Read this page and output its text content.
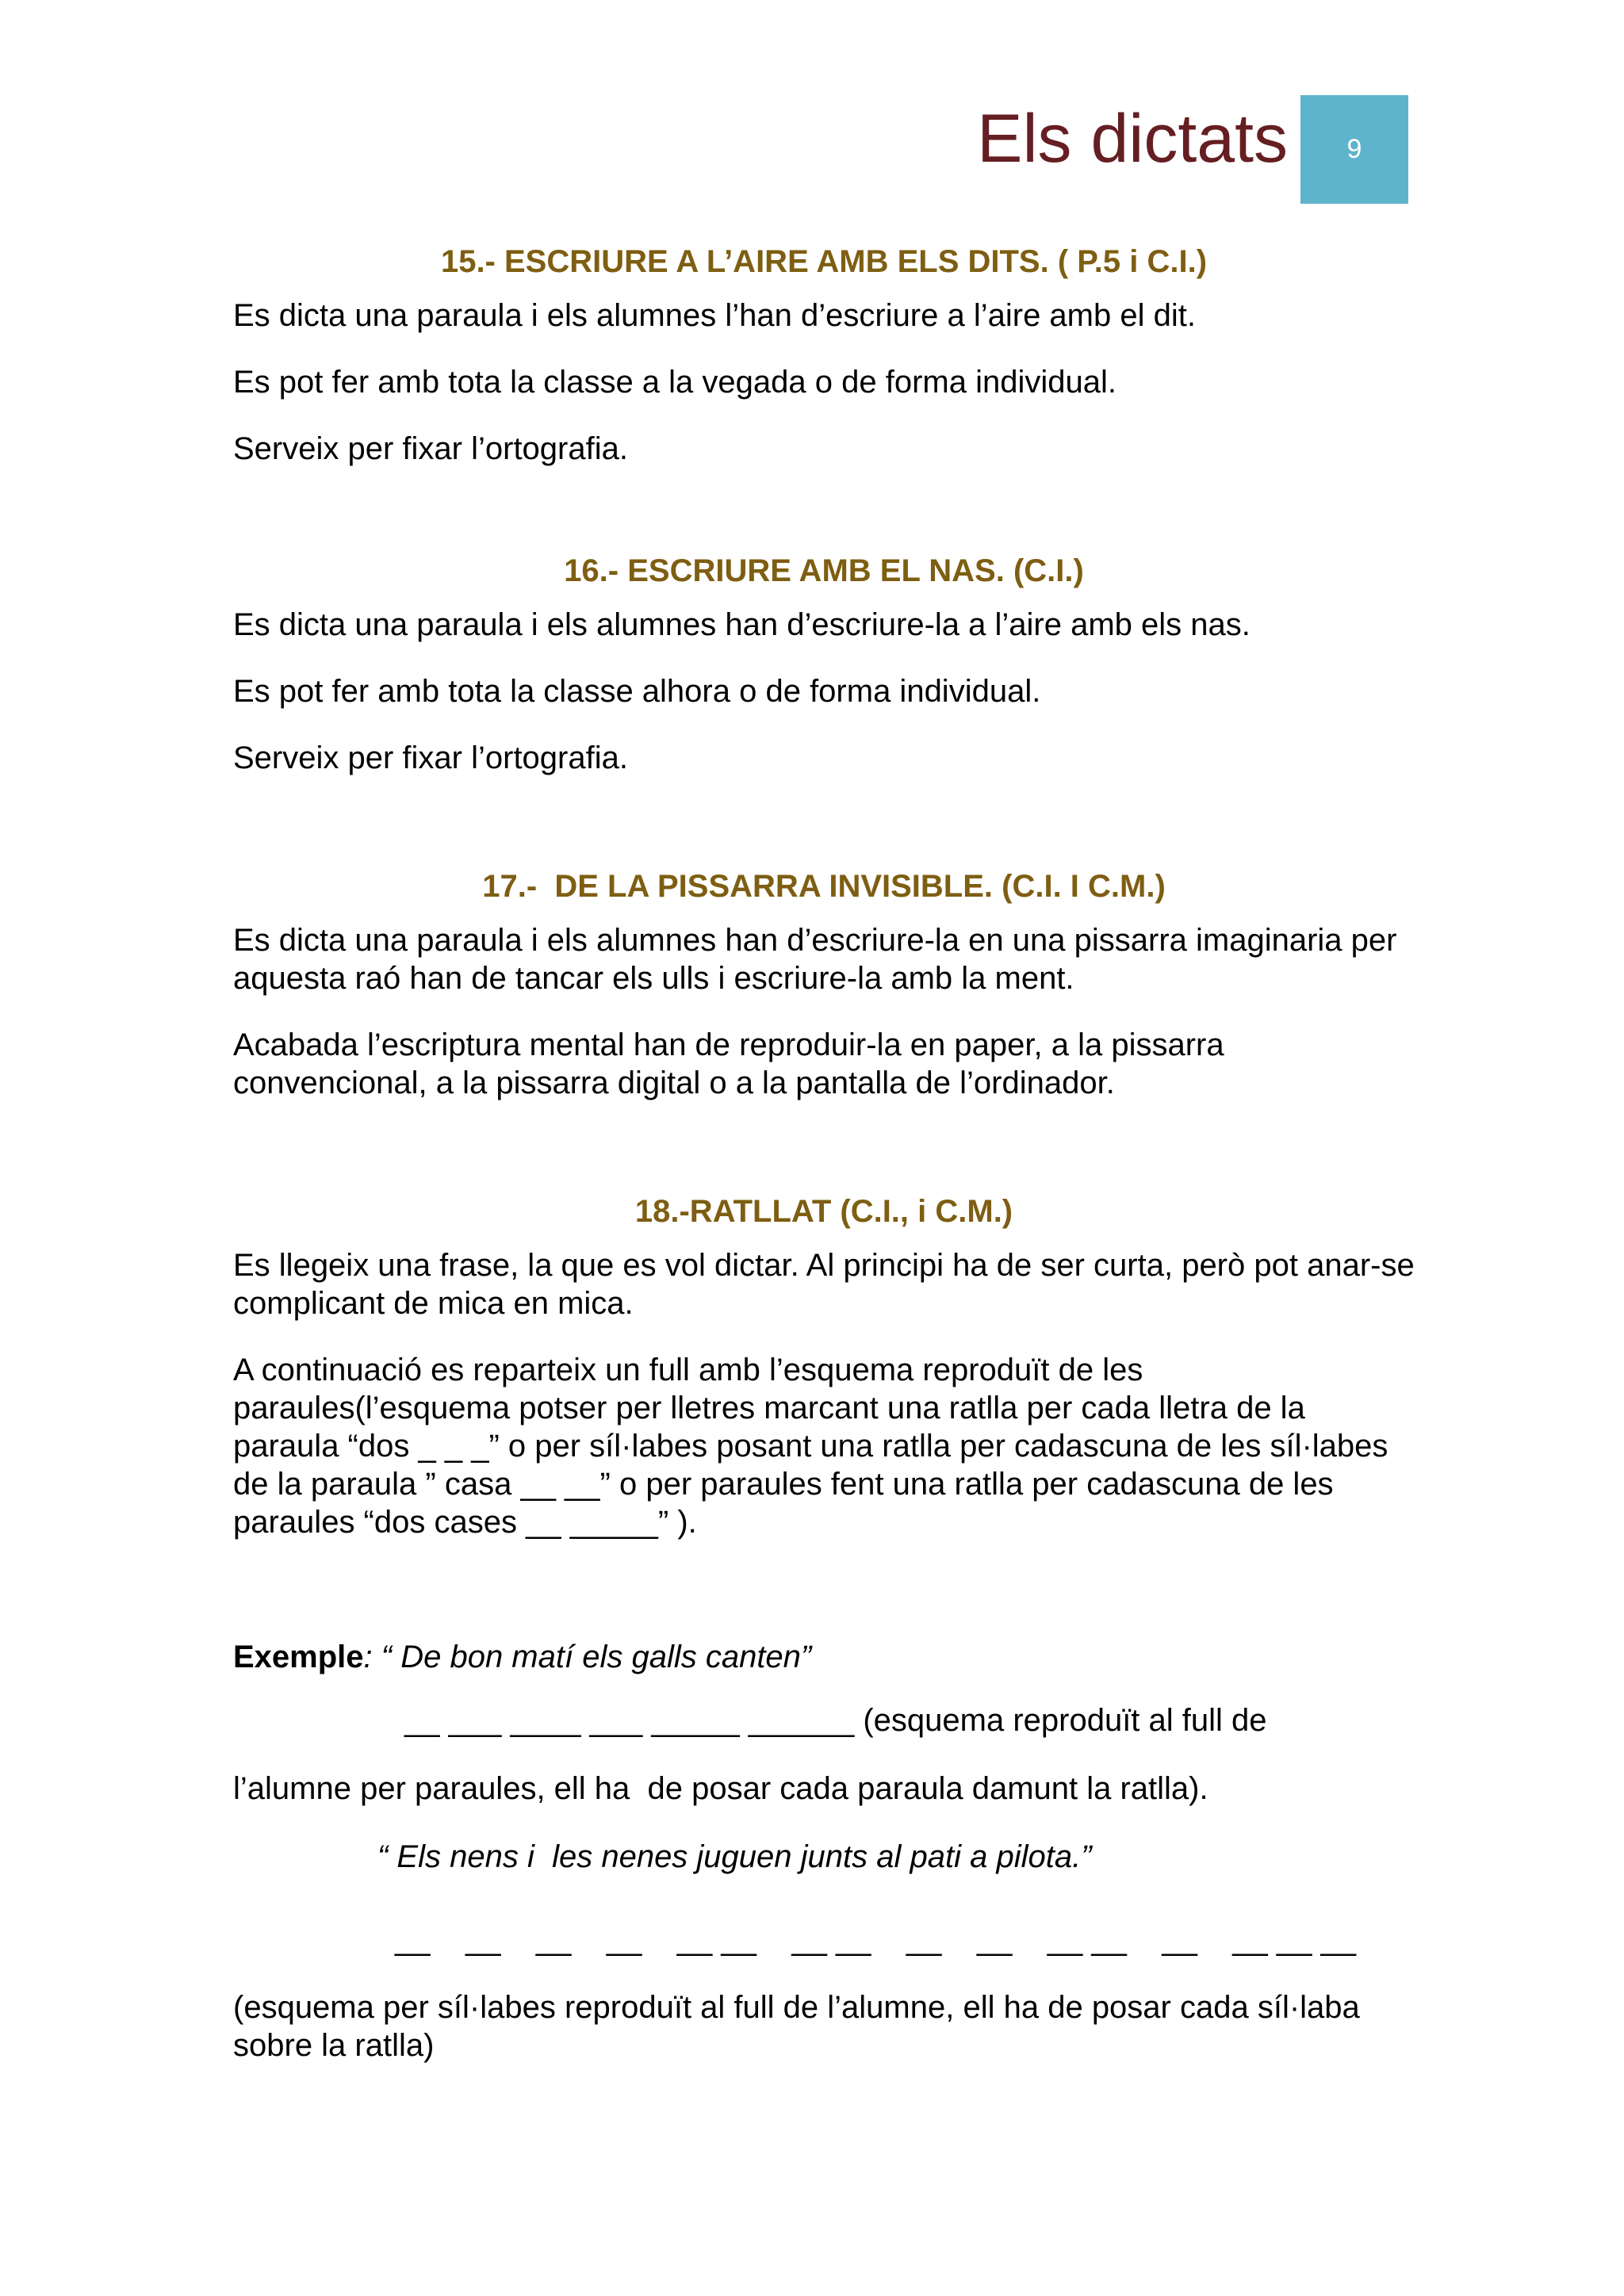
Els dictats 9
15.- ESCRIURE A L’AIRE AMB ELS DITS. ( P.5 i C.I.)

Es dicta una paraula i els alumnes l’han d’escriure a l’aire amb el dit.

Es pot fer amb tota la classe a la vegada o de forma individual.

Serveix per fixar l’ortografia.

16.- ESCRIURE AMB EL NAS. (C.I.)

Es dicta una paraula i els alumnes han d’escriure-la a l’aire amb els nas.

Es pot fer amb tota la classe alhora o de forma individual.

Serveix per fixar l’ortografia.

17.-  DE LA PISSARRA INVISIBLE. (C.I. I C.M.)

Es dicta una paraula i els alumnes han d’escriure-la en una pissarra imaginaria per aquesta raó han de tancar els ulls i escriure-la amb la ment.

Acabada l’escriptura mental han de reproduir-la en paper, a la pissarra convencional, a la pissarra digital o a la pantalla de l’ordinador.

18.-RATLLAT (C.I., i C.M.)

Es llegeix una frase, la que es vol dictar. Al principi ha de ser curta, però pot anar-se complicant de mica en mica.

A continuació es reparteix un full amb l’esquema reproduït de les paraules(l’esquema potser per lletres marcant una ratlla per cada lletra de la paraula “dos _ _ _” o per síl·labes posant una ratlla per cadascuna de les síl·labes de la paraula ” casa __ __” o per paraules fent una ratlla per cadascuna de les paraules “dos cases __ _____” ).

Exemple: “ De bon matí els galls canten”
__ ___ ____ ___ _____ ______ (esquema reproduït al full de
l’alumne per paraules, ell ha  de posar cada paraula damunt la ratlla).
“ Els nens i  les nenes juguen junts al pati a pilota.”
__    __    __    __    __ __    __ __    __    __    __ __    __    __ __ __

(esquema per síl·labes reproduït al full de l’alumne, ell ha de posar cada síl·laba sobre la ratlla)
